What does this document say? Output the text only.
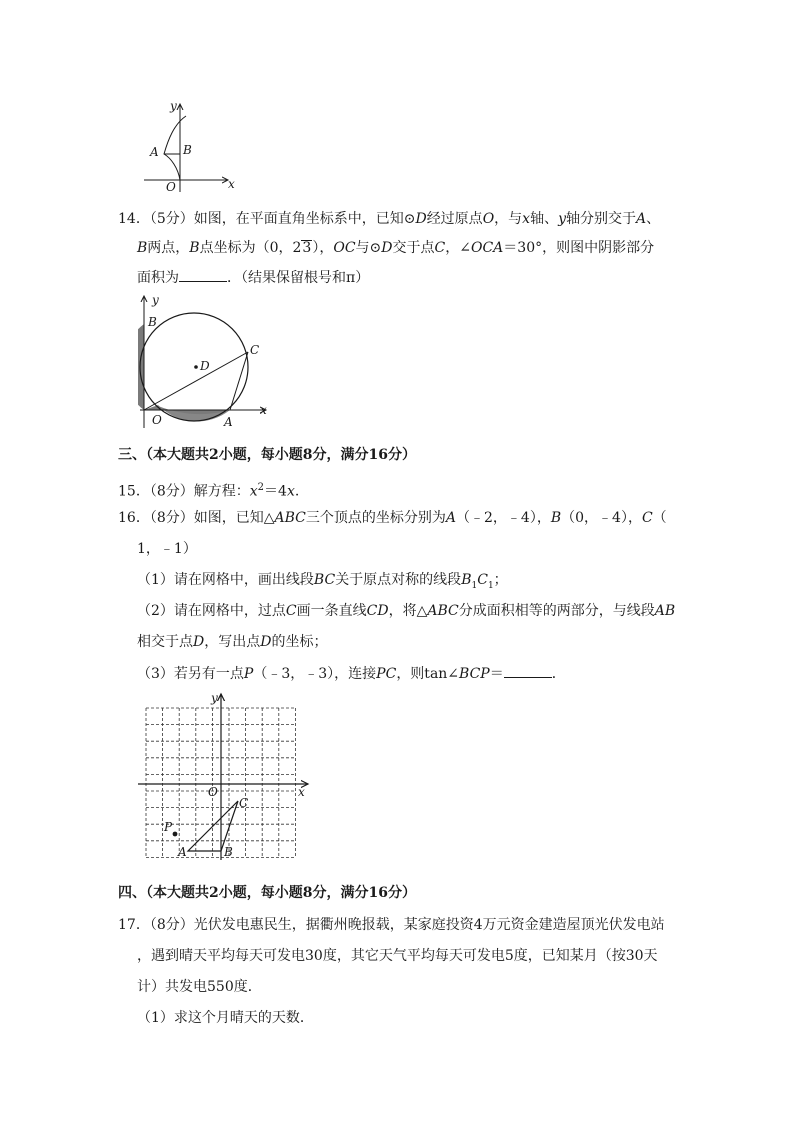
y
A B
O	x
14．（5分）如图，在平面直角坐标系中，已知⊙D经过原点O，与x轴、y轴分别交于A、
B两点，B点坐标为（0，23），OC与⊙D交于点C，∠OCA＝30°，则图中阴影部分
面积为	．（结果保留根号和π）
y
B
D
C
O	A
x
三、（本大题共2小题，每小题8分，满分16分）
15．（8分）解方程：$x^2=4x$.
16．（8分）如图，已知△ABC三个顶点的坐标分别为A（﹣2，﹣4），B（0，﹣4），C（
1，﹣1）
（1）请在网格中，画出线段BC关于原点对称的线段$B_1C_1$；
（2）请在网格中，过点C画一条直线CD，将△ABC分成面积相等的两部分，与线段AB
相交于点D，写出点D的坐标；
（3）若另有一点P（﹣3，﹣3），连接PC，则tan∠BCP＝	．
y
O	x
C
P
A	B
四、（本大题共2小题，每小题8分，满分16分）
17．（8分）光伏发电惠民生，据衢州晚报载，某家庭投资4万元资金建造屋顶光伏发电站
，遇到晴天平均每天可发电30度，其它天气平均每天可发电5度，已知某月（按30天
计）共发电550度．
（1）求这个月晴天的天数．
